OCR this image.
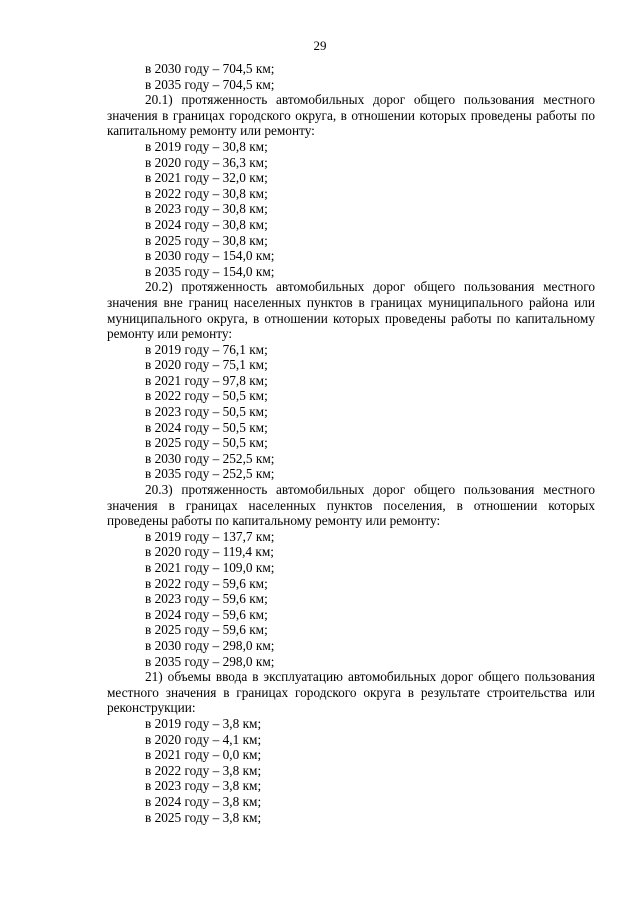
29
в 2030 году – 704,5 км;
в 2035 году – 704,5 км;

20.1) протяженность автомобильных дорог общего пользования местного значения в границах городского округа, в отношении которых проведены работы по капитальному ремонту или ремонту:

в 2019 году – 30,8 км;
в 2020 году – 36,3 км;
в 2021 году – 32,0 км;
в 2022 году – 30,8 км;
в 2023 году – 30,8 км;
в 2024 году – 30,8 км;
в 2025 году – 30,8 км;
в 2030 году – 154,0 км;
в 2035 году – 154,0 км;

20.2) протяженность автомобильных дорог общего пользования местного значения вне границ населенных пунктов в границах муниципального района или муниципального округа, в отношении которых проведены работы по капитальному ремонту или ремонту:

в 2019 году – 76,1 км;
в 2020 году – 75,1 км;
в 2021 году – 97,8 км;
в 2022 году – 50,5 км;
в 2023 году – 50,5 км;
в 2024 году – 50,5 км;
в 2025 году – 50,5 км;
в 2030 году – 252,5 км;
в 2035 году – 252,5 км;

20.3) протяженность автомобильных дорог общего пользования местного значения в границах населенных пунктов поселения, в отношении которых проведены работы по капитальному ремонту или ремонту:

в 2019 году – 137,7 км;
в 2020 году – 119,4 км;
в 2021 году – 109,0 км;
в 2022 году – 59,6 км;
в 2023 году – 59,6 км;
в 2024 году – 59,6 км;
в 2025 году – 59,6 км;
в 2030 году – 298,0 км;
в 2035 году – 298,0 км;

21) объемы ввода в эксплуатацию автомобильных дорог общего пользования местного значения в границах городского округа в результате строительства или реконструкции:

в 2019 году – 3,8 км;
в 2020 году – 4,1 км;
в 2021 году – 0,0 км;
в 2022 году – 3,8 км;
в 2023 году – 3,8 км;
в 2024 году – 3,8 км;
в 2025 году – 3,8 км;
